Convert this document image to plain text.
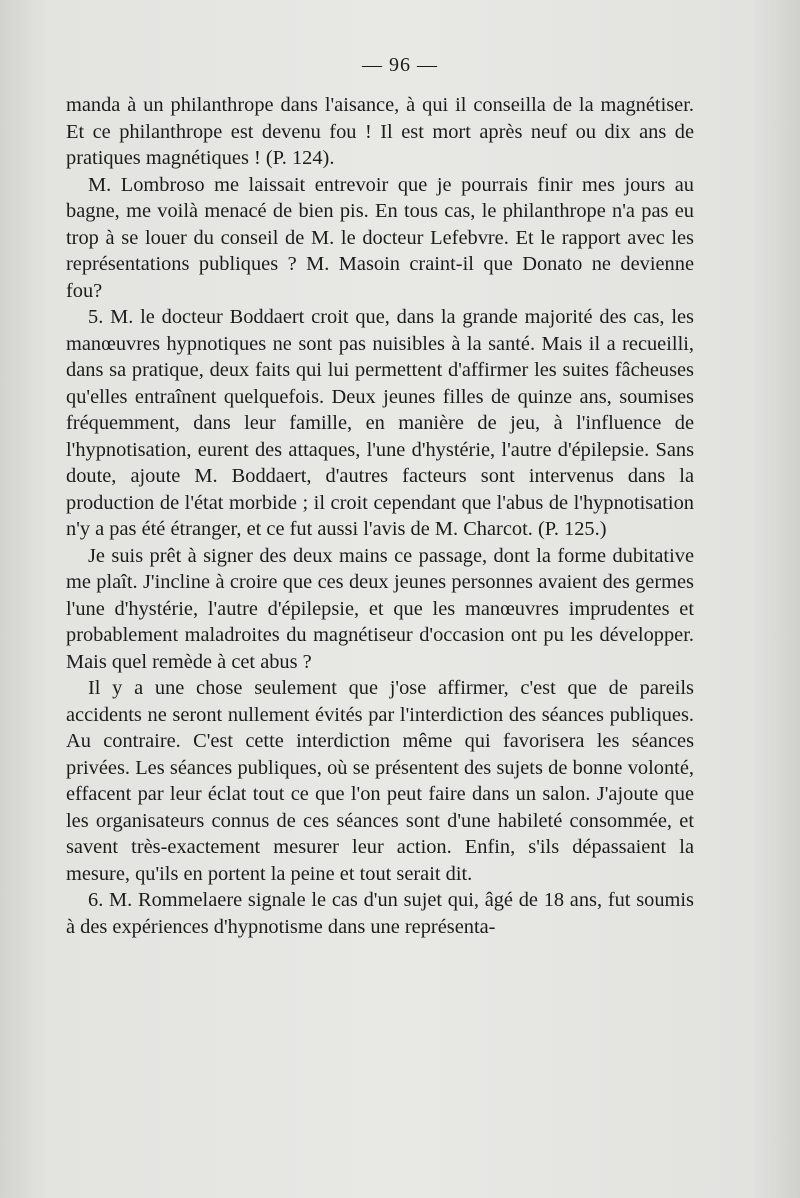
— 96 —

manda à un philanthrope dans l'aisance, à qui il conseilla de la magnétiser. Et ce philanthrope est devenu fou ! Il est mort après neuf ou dix ans de pratiques magnétiques ! (P. 124).

M. Lombroso me laissait entrevoir que je pourrais finir mes jours au bagne, me voilà menacé de bien pis. En tous cas, le philanthrope n'a pas eu trop à se louer du conseil de M. le docteur Lefebvre. Et le rapport avec les représentations publiques ? M. Masoin craint-il que Donato ne devienne fou?

5. M. le docteur Boddaert croit que, dans la grande majorité des cas, les manœuvres hypnotiques ne sont pas nuisibles à la santé. Mais il a recueilli, dans sa pratique, deux faits qui lui permettent d'affirmer les suites fâcheuses qu'elles entraînent quelquefois. Deux jeunes filles de quinze ans, soumises fréquemment, dans leur famille, en manière de jeu, à l'influence de l'hypnotisation, eurent des attaques, l'une d'hystérie, l'autre d'épilepsie. Sans doute, ajoute M. Boddaert, d'autres facteurs sont intervenus dans la production de l'état morbide ; il croit cependant que l'abus de l'hypnotisation n'y a pas été étranger, et ce fut aussi l'avis de M. Charcot. (P. 125.)

Je suis prêt à signer des deux mains ce passage, dont la forme dubitative me plaît. J'incline à croire que ces deux jeunes personnes avaient des germes l'une d'hystérie, l'autre d'épilepsie, et que les manœuvres imprudentes et probablement maladroites du magnétiseur d'occasion ont pu les développer. Mais quel remède à cet abus ?

Il y a une chose seulement que j'ose affirmer, c'est que de pareils accidents ne seront nullement évités par l'interdiction des séances publiques. Au contraire. C'est cette interdiction même qui favorisera les séances privées. Les séances publiques, où se présentent des sujets de bonne volonté, effacent par leur éclat tout ce que l'on peut faire dans un salon. J'ajoute que les organisateurs connus de ces séances sont d'une habileté consommée, et savent très-exactement mesurer leur action. Enfin, s'ils dépassaient la mesure, qu'ils en portent la peine et tout serait dit.

6. M. Rommelaere signale le cas d'un sujet qui, âgé de 18 ans, fut soumis à des expériences d'hypnotisme dans une représenta-
